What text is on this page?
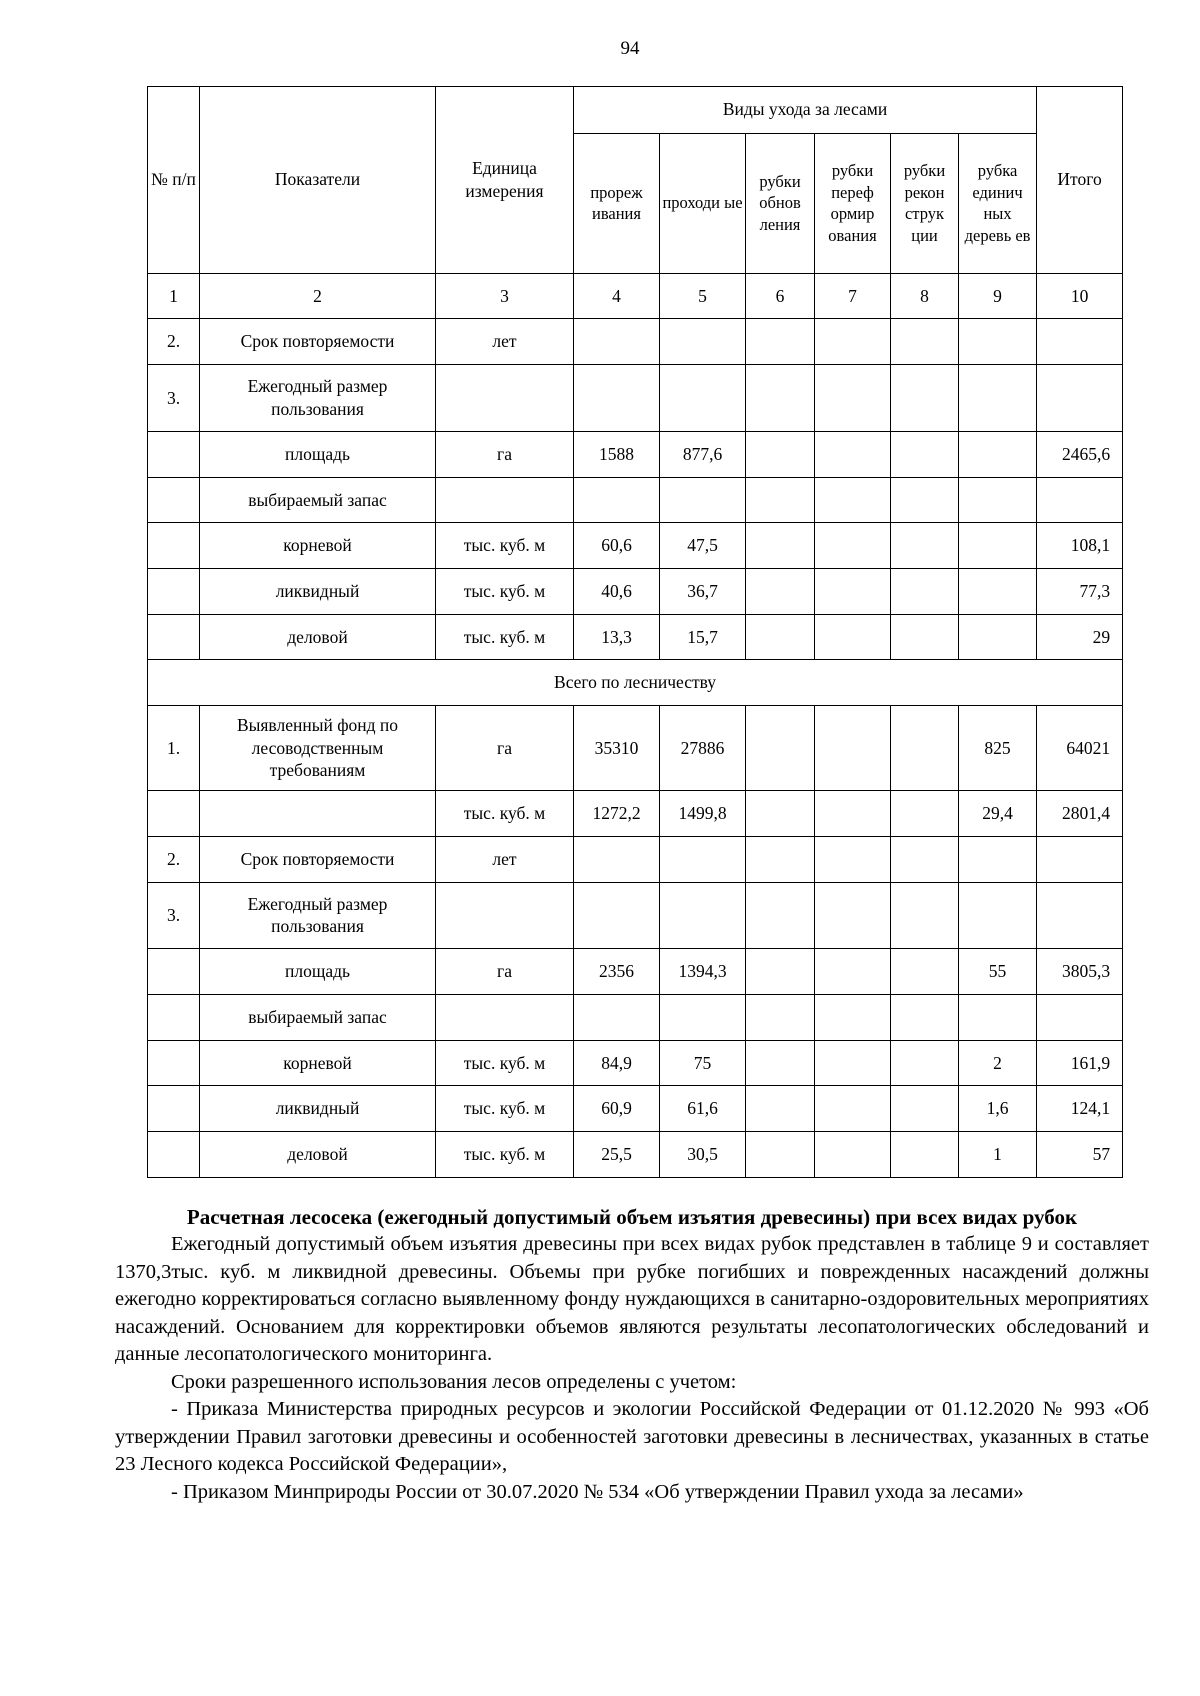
94
№ п/п	Показатели	Единица измерения	Виды ухода за лесами						Итого
			прореж ивания	проходи ые	рубки обнов ления	рубки переф ормир ования	рубки рекон струк ции	рубка единич ных деревь ев	
1	2	3	4	5	6	7	8	9	10
2.	Срок повторяемости	лет							
3.	Ежегодный размер пользования								
	площадь	га	1588	877,6					2465,6
	выбираемый запас								
	корневой	тыс. куб. м	60,6	47,5					108,1
	ликвидный	тыс. куб. м	40,6	36,7					77,3
	деловой	тыс. куб. м	13,3	15,7					29
Всего по лесничеству									
1.	Выявленный фонд по лесоводственным требованиям	га	35310	27886				825	64021
		тыс. куб. м	1272,2	1499,8				29,4	2801,4
2.	Срок повторяемости	лет							
3.	Ежегодный размер пользования								
	площадь	га	2356	1394,3				55	3805,3
	выбираемый запас								
	корневой	тыс. куб. м	84,9	75				2	161,9
	ликвидный	тыс. куб. м	60,9	61,6				1,6	124,1
	деловой	тыс. куб. м	25,5	30,5				1	57

Расчетная лесосека (ежегодный допустимый объем изъятия древесины) при всех видах рубок

Ежегодный допустимый объем изъятия древесины при всех видах рубок представлен в таблице 9 и составляет 1370,3тыс. куб. м ликвидной древесины. Объемы при рубке погибших и поврежденных насаждений должны ежегодно корректироваться согласно выявленному фонду нуждающихся в санитарно-оздоровительных мероприятиях насаждений. Основанием для корректировки объемов являются результаты лесопатологических обследований и данные лесопатологического мониторинга.

Сроки разрешенного использования лесов определены с учетом:

- Приказа Министерства природных ресурсов и экологии Российской Федерации от 01.12.2020 № 993 «Об утверждении Правил заготовки древесины и особенностей заготовки древесины в лесничествах, указанных в статье 23 Лесного кодекса Российской Федерации»,

- Приказом Минприроды России от 30.07.2020 № 534 «Об утверждении Правил ухода за лесами»
